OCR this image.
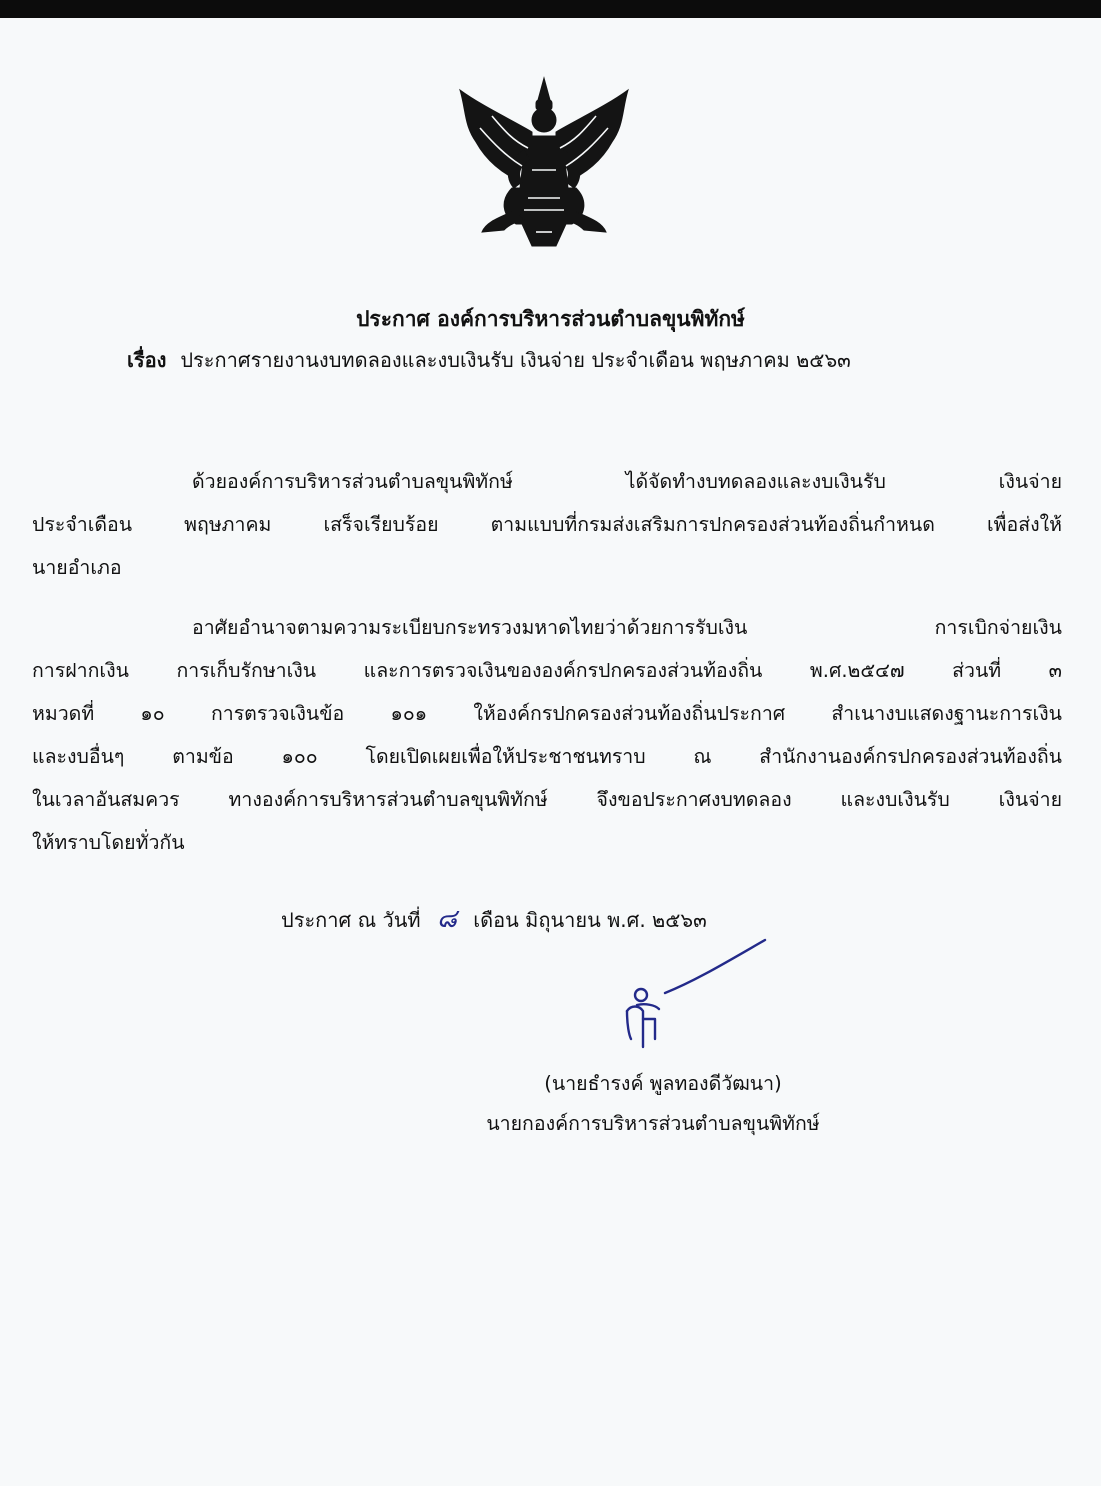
ประกาศ องค์การบริหารส่วนตำบลขุนพิทักษ์
เรื่อง ประกาศรายงานงบทดลองและงบเงินรับ เงินจ่าย ประจำเดือน พฤษภาคม ๒๕๖๓
ด้วยองค์การบริหารส่วนตำบลขุนพิทักษ์ ได้จัดทำงบทดลองและงบเงินรับ เงินจ่าย
ประจำเดือน พฤษภาคม เสร็จเรียบร้อย ตามแบบที่กรมส่งเสริมการปกครองส่วนท้องถิ่นกำหนด เพื่อส่งให้
นายอำเภอ
อาศัยอำนาจตามความระเบียบกระทรวงมหาดไทยว่าด้วยการรับเงิน การเบิกจ่ายเงิน
การฝากเงิน การเก็บรักษาเงิน และการตรวจเงินขององค์กรปกครองส่วนท้องถิ่น พ.ศ.๒๕๔๗ ส่วนที่ ๓
หมวดที่ ๑๐ การตรวจเงินข้อ ๑๐๑ ให้องค์กรปกครองส่วนท้องถิ่นประกาศ สำเนางบแสดงฐานะการเงิน
และงบอื่นๆ ตามข้อ ๑๐๐ โดยเปิดเผยเพื่อให้ประชาชนทราบ ณ สำนักงานองค์กรปกครองส่วนท้องถิ่น
ในเวลาอันสมควร ทางองค์การบริหารส่วนตำบลขุนพิทักษ์ จึงขอประกาศงบทดลอง และงบเงินรับ เงินจ่าย
ให้ทราบโดยทั่วกัน
ประกาศ ณ วันที่ ๘ เดือน มิถุนายน พ.ศ. ๒๕๖๓
(นายธำรงค์ พูลทองดีวัฒนา)
นายกองค์การบริหารส่วนตำบลขุนพิทักษ์
